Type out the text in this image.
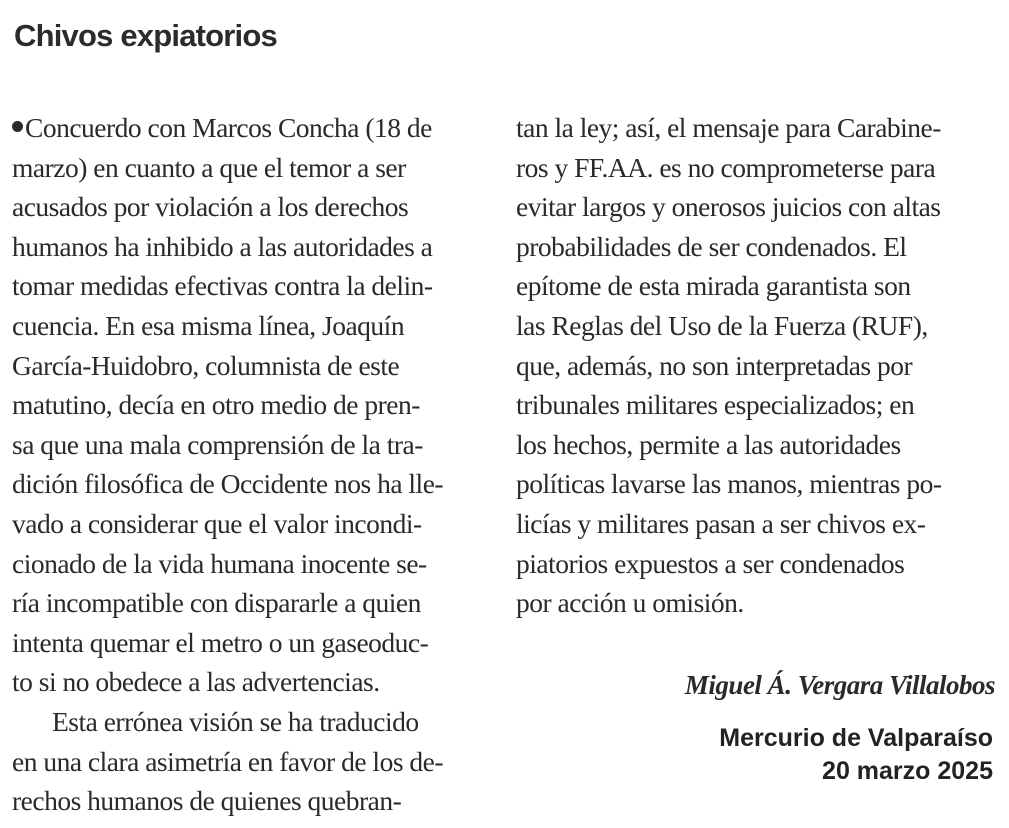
Chivos expiatorios
Concuerdo con Marcos Concha (18 de
marzo) en cuanto a que el temor a ser
acusados por violación a los derechos
humanos ha inhibido a las autoridades a
tomar medidas efectivas contra la delin-
cuencia. En esa misma línea, Joaquín
García-Huidobro, columnista de este
matutino, decía en otro medio de pren-
sa que una mala comprensión de la tra-
dición filosófica de Occidente nos ha lle-
vado a considerar que el valor incondi-
cionado de la vida humana inocente se-
ría incompatible con dispararle a quien
intenta quemar el metro o un gaseoduc-
to si no obedece a las advertencias.
Esta errónea visión se ha traducido
en una clara asimetría en favor de los de-
rechos humanos de quienes quebran-
tan la ley; así, el mensaje para Carabine-
ros y FF.AA. es no comprometerse para
evitar largos y onerosos juicios con altas
probabilidades de ser condenados. El
epítome de esta mirada garantista son
las Reglas del Uso de la Fuerza (RUF),
que, además, no son interpretadas por
tribunales militares especializados; en
los hechos, permite a las autoridades
políticas lavarse las manos, mientras po-
licías y militares pasan a ser chivos ex-
piatorios expuestos a ser condenados
por acción u omisión.
Miguel Á. Vergara Villalobos
Mercurio de Valparaíso
20 marzo 2025
